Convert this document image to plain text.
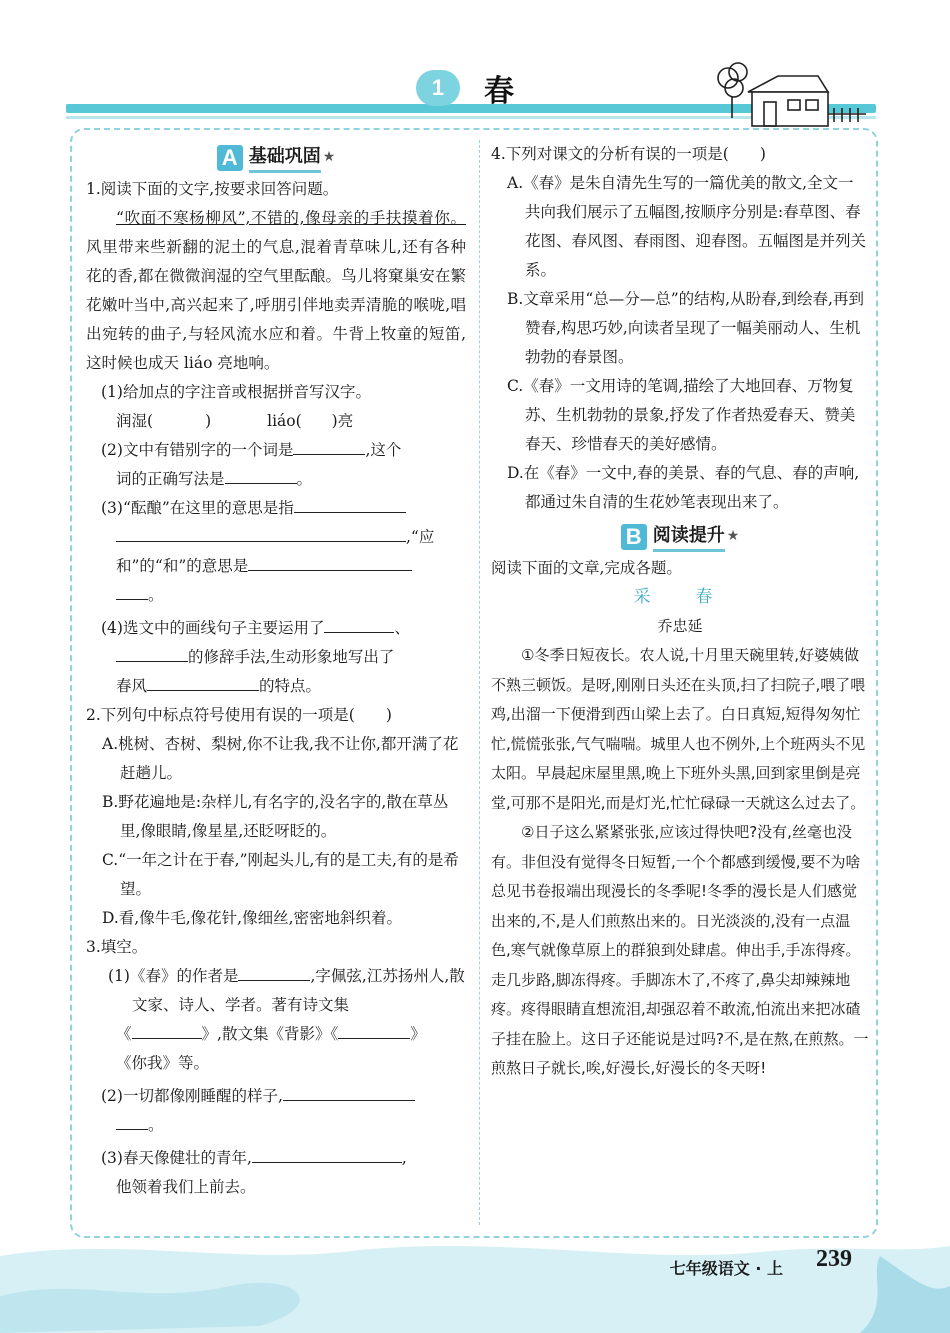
1	春
A 基础巩固 ★

1.阅读下面的文字,按要求回答问题。

“吹面不寒杨柳风”,不错的,像母亲的手扶摸着你。风里带来些新翻的泥土的气息,混着青草味儿,还有各种花的香,都在微微润湿的空气里酝酿。鸟儿将窠巢安在繁花嫩叶当中,高兴起来了,呼朋引伴地卖弄清脆的喉咙,唱出宛转的曲子,与轻风流水应和着。牛背上牧童的短笛,这时候也成天 liáo 亮地响。

(1)给加点的字注音或根据拼音写汉字。

润湿(	)	liáo( )亮

(2)文中有错别字的一个词是	,这个

词的正确写法是	。

(3)“酝酿”在这里的意思是指

,“应

和”的“和”的意思是

。

(4)选文中的画线句子主要运用了	、

的修辞手法,生动形象地写出了

春风	的特点。

2.下列句中标点符号使用有误的一项是(　　)

A.桃树、杏树、梨树,你不让我,我不让你,都开满了花赶趟儿。

B.野花遍地是:杂样儿,有名字的,没名字的,散在草丛里,像眼睛,像星星,还眨呀眨的。

C.“一年之计在于春,”刚起头儿,有的是工夫,有的是希望。

D.看,像牛毛,像花针,像细丝,密密地斜织着。

3.填空。

(1)《春》的作者是	,字佩弦,江苏扬州人,散文家、诗人、学者。著有诗文集

《	》,散文集《背影》《	》

《你我》等。

(2)一切都像刚睡醒的样子,

。

(3)春天像健壮的青年,	,

他领着我们上前去。

4.下列对课文的分析有误的一项是(　　)

A.《春》是朱自清先生写的一篇优美的散文,全文一共向我们展示了五幅图,按顺序分别是:春草图、春花图、春风图、春雨图、迎春图。五幅图是并列关系。

B.文章采用“总—分—总”的结构,从盼春,到绘春,再到赞春,构思巧妙,向读者呈现了一幅美丽动人、生机勃勃的春景图。

C.《春》一文用诗的笔调,描绘了大地回春、万物复苏、生机勃勃的景象,抒发了作者热爱春天、赞美春天、珍惜春天的美好感情。

D.在《春》一文中,春的美景、春的气息、春的声响,都通过朱自清的生花妙笔表现出来了。

B 阅读提升 ★

阅读下面的文章,完成各题。

采　春

乔忠延

①冬季日短夜长。农人说,十月里天碗里转,好婆姨做不熟三顿饭。是呀,刚刚日头还在头顶,扫了扫院子,喂了喂鸡,出溜一下便滑到西山梁上去了。白日真短,短得匆匆忙忙,慌慌张张,气气喘喘。城里人也不例外,上个班两头不见太阳。早晨起床屋里黑,晚上下班外头黑,回到家里倒是亮堂,可那不是阳光,而是灯光,忙忙碌碌一天就这么过去了。

②日子这么紧紧张张,应该过得快吧?没有,丝毫也没有。非但没有觉得冬日短暂,一个个都感到缓慢,要不为啥总见书卷报端出现漫长的冬季呢!冬季的漫长是人们感觉出来的,不,是人们煎熬出来的。日光淡淡的,没有一点温色,寒气就像草原上的群狼到处肆虐。伸出手,手冻得疼。走几步路,脚冻得疼。手脚冻木了,不疼了,鼻尖却辣辣地疼。疼得眼睛直想流泪,却强忍着不敢流,怕流出来把冰碴子挂在脸上。这日子还能说是过吗?不,是在熬,在煎熬。一煎熬日子就长,唉,好漫长,好漫长的冬天呀!

七年级语文 · 上 239
